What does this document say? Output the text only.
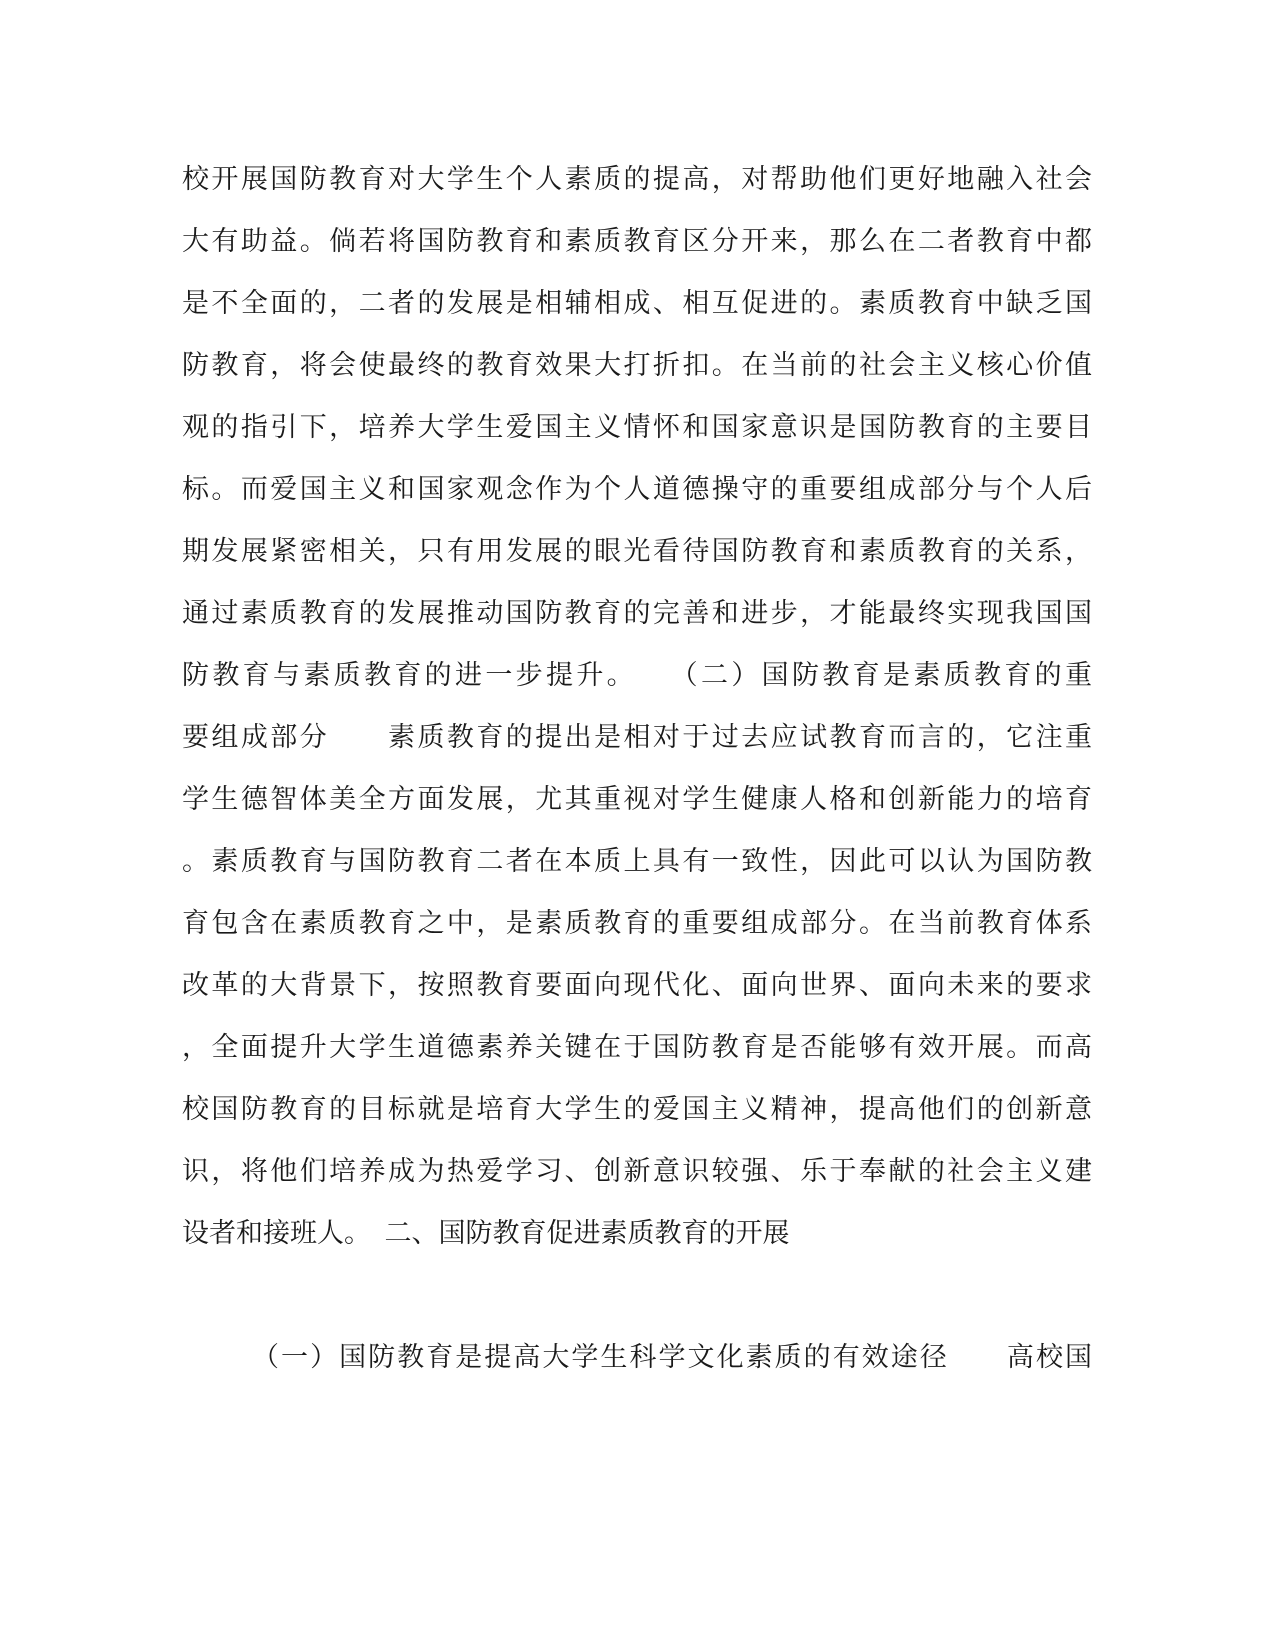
校开展国防教育对大学生个人素质的提高，对帮助他们更好地融入社会
大有助益。倘若将国防教育和素质教育区分开来，那么在二者教育中都
是不全面的，二者的发展是相辅相成、相互促进的。素质教育中缺乏国
防教育，将会使最终的教育效果大打折扣。在当前的社会主义核心价值
观的指引下，培养大学生爱国主义情怀和国家意识是国防教育的主要目
标。而爱国主义和国家观念作为个人道德操守的重要组成部分与个人后
期发展紧密相关，只有用发展的眼光看待国防教育和素质教育的关系，
通过素质教育的发展推动国防教育的完善和进步，才能最终实现我国国
防教育与素质教育的进一步提升。　　（二）国防教育是素质教育的重
要组成部分　　素质教育的提出是相对于过去应试教育而言的，它注重
学生德智体美全方面发展，尤其重视对学生健康人格和创新能力的培育
。素质教育与国防教育二者在本质上具有一致性，因此可以认为国防教
育包含在素质教育之中，是素质教育的重要组成部分。在当前教育体系
改革的大背景下，按照教育要面向现代化、面向世界、面向未来的要求
，全面提升大学生道德素养关键在于国防教育是否能够有效开展。而高
校国防教育的目标就是培育大学生的爱国主义精神，提高他们的创新意
识，将他们培养成为热爱学习、创新意识较强、乐于奉献的社会主义建
设者和接班人。　二、国防教育促进素质教育的开展
（一）国防教育是提高大学生科学文化素质的有效途径　　高校国
